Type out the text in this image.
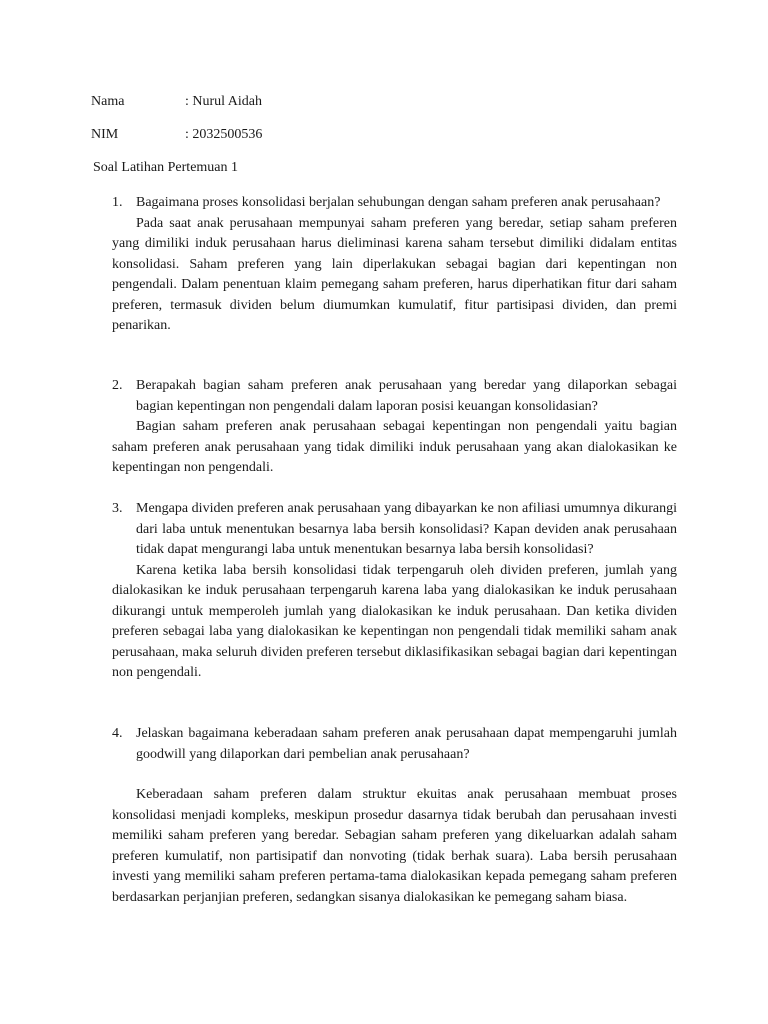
Nama	: Nurul Aidah
NIM	: 2032500536
Soal Latihan Pertemuan 1
1. Bagaimana proses konsolidasi berjalan sehubungan dengan saham preferen anak perusahaan?

Pada saat anak perusahaan mempunyai saham preferen yang beredar, setiap saham preferen yang dimiliki induk perusahaan harus dieliminasi karena saham tersebut dimiliki didalam entitas konsolidasi. Saham preferen yang lain diperlakukan sebagai bagian dari kepentingan non pengendali. Dalam penentuan klaim pemegang saham preferen, harus diperhatikan fitur dari saham preferen, termasuk dividen belum diumumkan kumulatif, fitur partisipasi dividen, dan premi penarikan.

2. Berapakah bagian saham preferen anak perusahaan yang beredar yang dilaporkan sebagai bagian kepentingan non pengendali dalam laporan posisi keuangan konsolidasian?

Bagian saham preferen anak perusahaan sebagai kepentingan non pengendali yaitu bagian saham preferen anak perusahaan yang tidak dimiliki induk perusahaan yang akan dialokasikan ke kepentingan non pengendali.

3. Mengapa dividen preferen anak perusahaan yang dibayarkan ke non afiliasi umumnya dikurangi dari laba untuk menentukan besarnya laba bersih konsolidasi? Kapan deviden anak perusahaan tidak dapat mengurangi laba untuk menentukan besarnya laba bersih konsolidasi?

Karena ketika laba bersih konsolidasi tidak terpengaruh oleh dividen preferen, jumlah yang dialokasikan ke induk perusahaan terpengaruh karena laba yang dialokasikan ke induk perusahaan dikurangi untuk memperoleh jumlah yang dialokasikan ke induk perusahaan. Dan ketika dividen preferen sebagai laba yang dialokasikan ke kepentingan non pengendali tidak memiliki saham anak perusahaan, maka seluruh dividen preferen tersebut diklasifikasikan sebagai bagian dari kepentingan non pengendali.

4. Jelaskan bagaimana keberadaan saham preferen anak perusahaan dapat mempengaruhi jumlah goodwill yang dilaporkan dari pembelian anak perusahaan?

Keberadaan saham preferen dalam struktur ekuitas anak perusahaan membuat proses konsolidasi menjadi kompleks, meskipun prosedur dasarnya tidak berubah dan perusahaan investi memiliki saham preferen yang beredar. Sebagian saham preferen yang dikeluarkan adalah saham preferen kumulatif, non partisipatif dan nonvoting (tidak berhak suara). Laba bersih perusahaan investi yang memiliki saham preferen pertama-tama dialokasikan kepada pemegang saham preferen berdasarkan perjanjian preferen, sedangkan sisanya dialokasikan ke pemegang saham biasa.
